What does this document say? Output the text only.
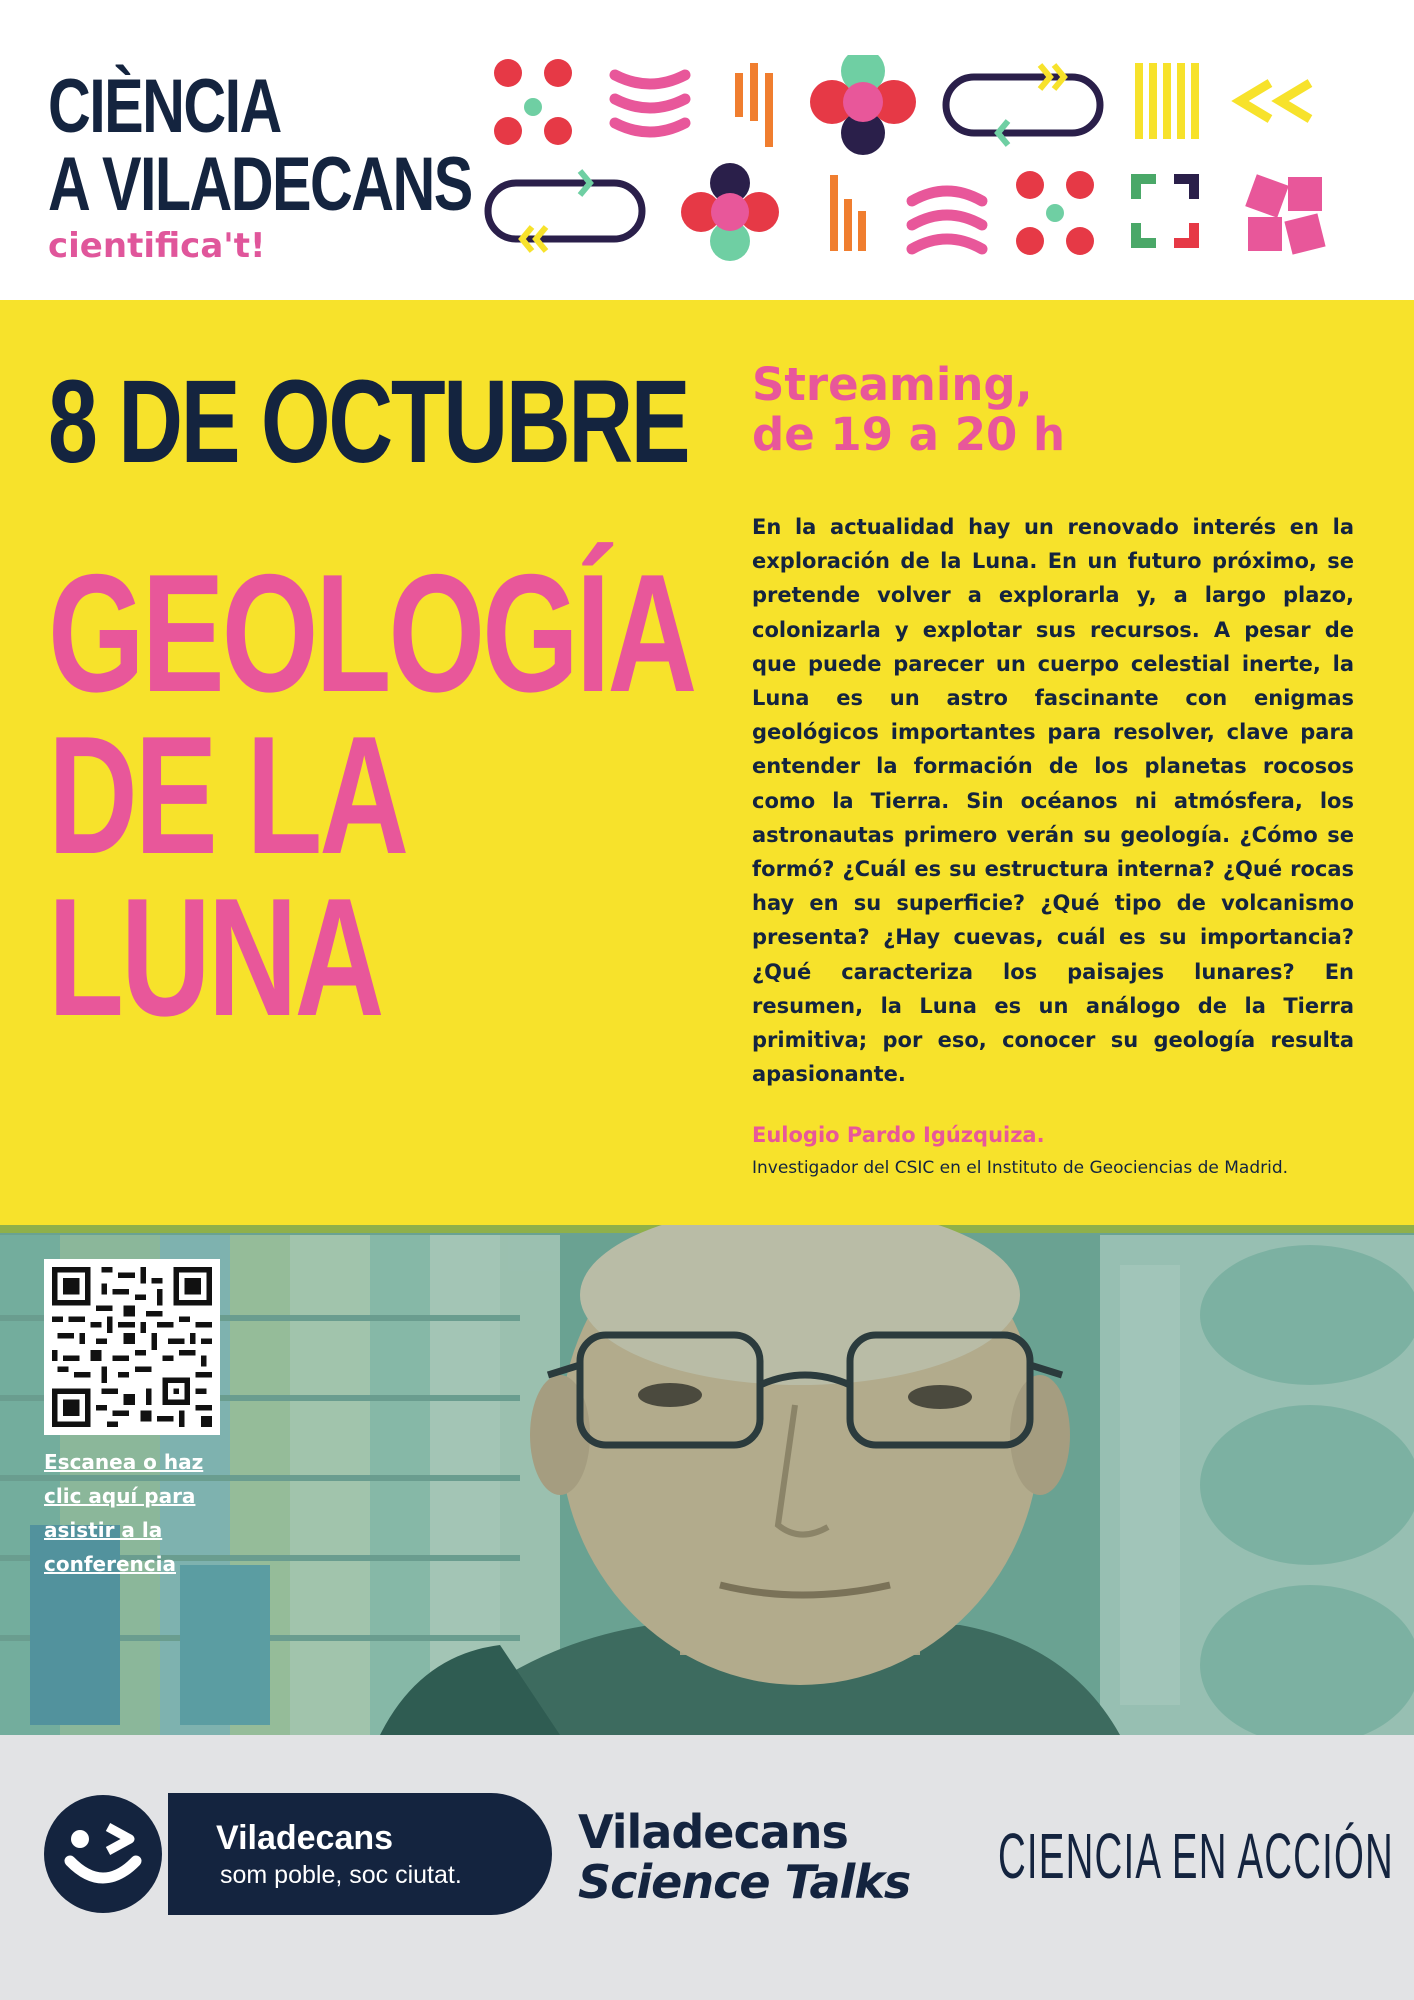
CIÈNCIA
A VILADECANS
cientifica't!
8 DE OCTUBRE
GEOLOGÍA
DE LA
LUNA
Streaming,
de 19 a 20 h

En la actualidad hay un renovado interés en la exploración de la Luna. En un futuro próximo, se pretende volver a explorarla y, a largo plazo, colonizarla y explotar sus recursos. A pesar de que puede parecer un cuerpo celestial inerte, la Luna es un astro fascinante con enigmas geológicos importantes para resolver, clave para entender la formación de los planetas rocosos como la Tierra. Sin océanos ni atmósfera, los astronautas primero verán su geología. ¿Cómo se formó? ¿Cuál es su estructura interna? ¿Qué rocas hay en su superficie? ¿Qué tipo de volcanismo presenta? ¿Hay cuevas, cuál es su importancia? ¿Qué caracteriza los paisajes lunares? En resumen, la Luna es un análogo de la Tierra primitiva; por eso, conocer su geología resulta apasionante.

Eulogio Pardo Igúzquiza.

Investigador del CSIC en el Instituto de Geociencias de Madrid.

Escanea o haz clic aquí para asistir a la conferencia
Viladecans
som poble, soc ciutat.
Viladecans
Science Talks CIENCIA EN ACCIÓN
